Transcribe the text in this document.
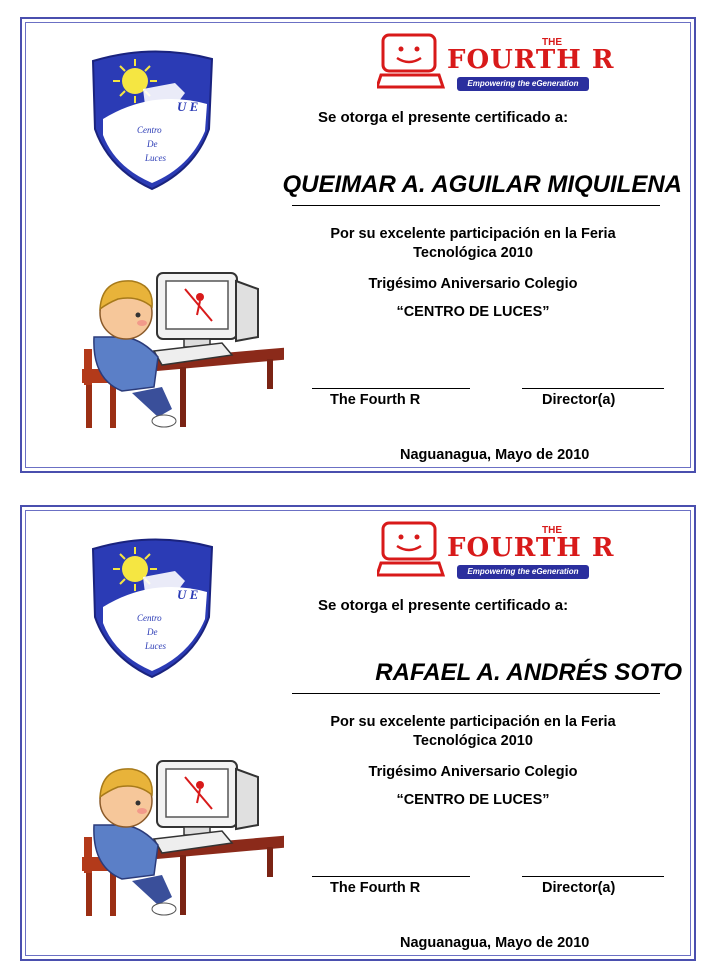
U E
Centro
De
Luces
FOURTH R
THE
Empowering the eGeneration
Se otorga el presente certificado a:
QUEIMAR A. AGUILAR MIQUILENA
Por su excelente participación en la Feria
Tecnológica 2010
Trigésimo Aniversario Colegio
“CENTRO DE LUCES”
The Fourth R	Director(a)
Naguanagua, Mayo de 2010
U E
Centro
De
Luces
FOURTH R
THE
Empowering the eGeneration
Se otorga el presente certificado a:
RAFAEL A. ANDRÉS SOTO
Por su excelente participación en la Feria
Tecnológica 2010
Trigésimo Aniversario Colegio
“CENTRO DE LUCES”
The Fourth R	Director(a)
Naguanagua, Mayo de 2010
